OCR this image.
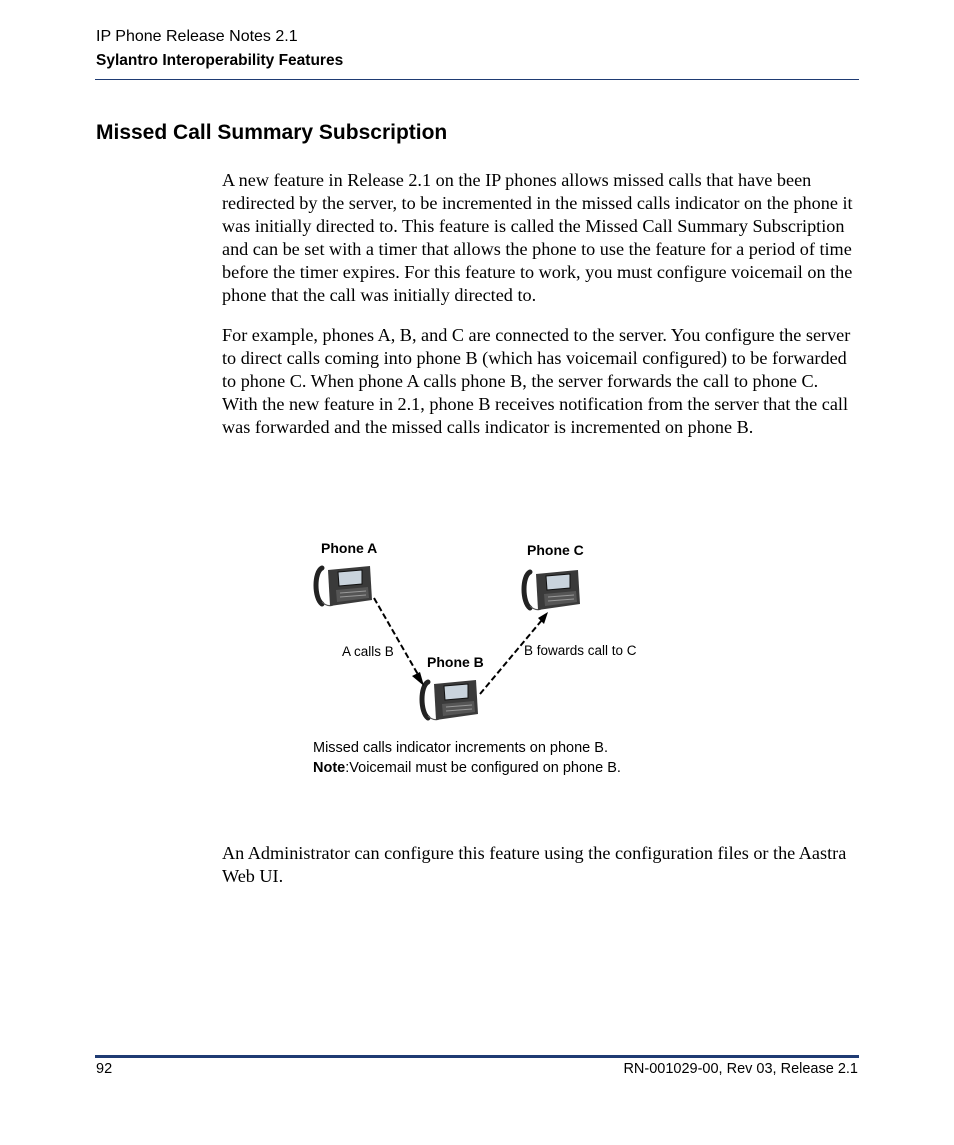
IP Phone Release Notes 2.1
Sylantro Interoperability Features
Missed Call Summary Subscription

A new feature in Release 2.1 on the IP phones allows missed calls that have been redirected by the server, to be incremented in the missed calls indicator on the phone it was initially directed to. This feature is called the Missed Call Summary Subscription and can be set with a timer that allows the phone to use the feature for a period of time before the timer expires. For this feature to work, you must configure voicemail on the phone that the call was initially directed to.

For example, phones A, B, and C are connected to the server. You configure the server to direct calls coming into phone B (which has voicemail configured) to be forwarded to phone C. When phone A calls phone B, the server forwards the call to phone C. With the new feature in 2.1, phone B receives notification from the server that the call was forwarded and the missed calls indicator is incremented on phone B.

Phone A	Phone C
Phone B
A calls B	B fowards call to C
Missed calls indicator increments on phone B.
Note:Voicemail must be configured on phone B.

An Administrator can configure this feature using the configuration files or the Aastra Web UI.

92	RN-001029-00, Rev 03, Release 2.1
